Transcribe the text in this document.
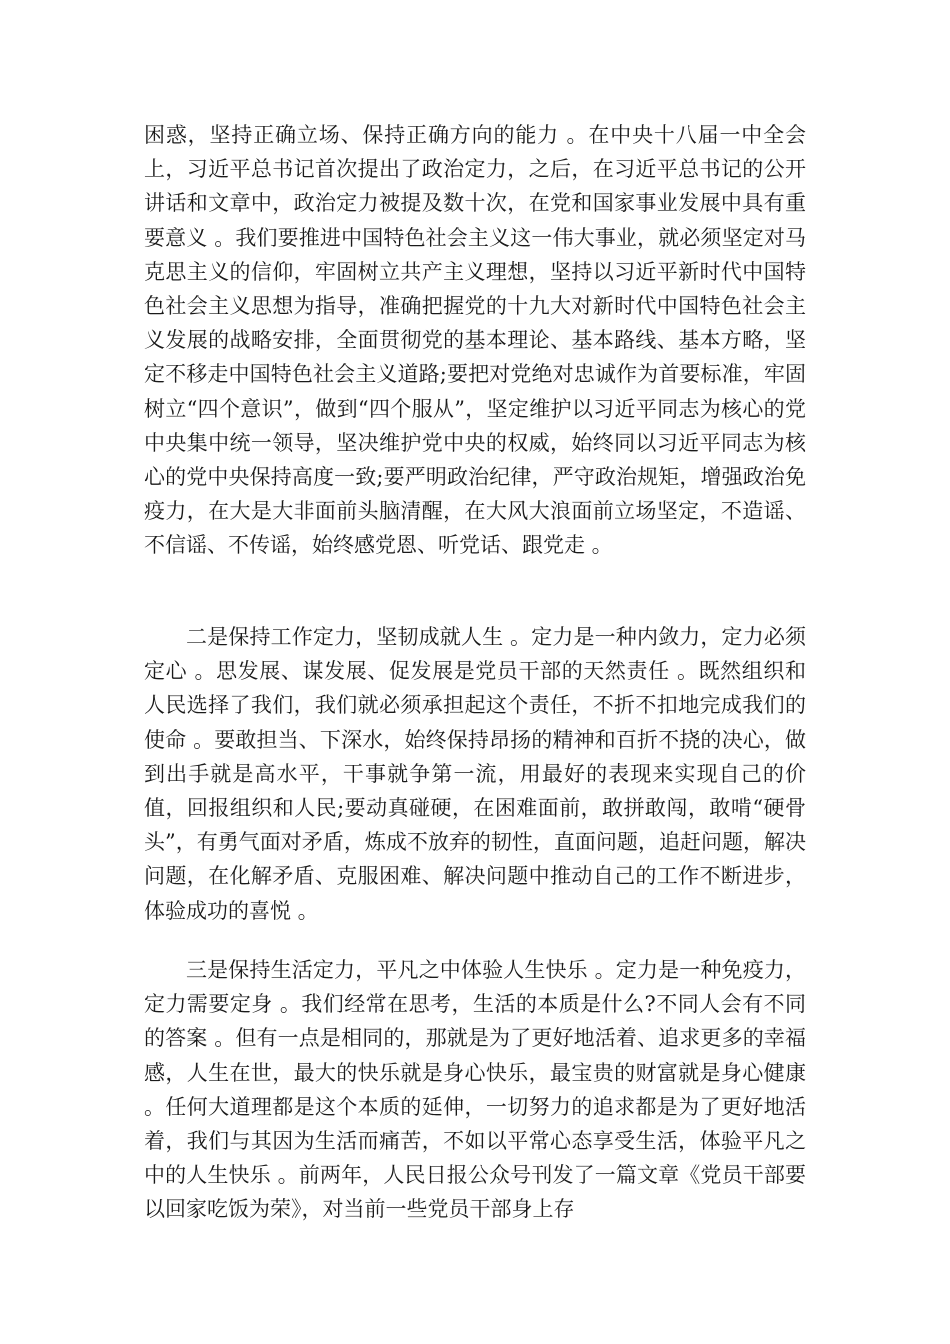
困惑，坚持正确立场、保持正确方向的能力 。在中央十八届一中全会上，习近平总书记首次提出了政治定力，之后，在习近平总书记的公开讲话和文章中，政治定力被提及数十次，在党和国家事业发展中具有重要意义 。我们要推进中国特色社会主义这一伟大事业，就必须坚定对马克思主义的信仰，牢固树立共产主义理想，坚持以习近平新时代中国特色社会主义思想为指导，准确把握党的十九大对新时代中国特色社会主义发展的战略安排，全面贯彻党的基本理论、基本路线、基本方略，坚定不移走中国特色社会主义道路;要把对党绝对忠诚作为首要标准，牢固树立“四个意识”，做到“四个服从”，坚定维护以习近平同志为核心的党中央集中统一领导，坚决维护党中央的权威，始终同以习近平同志为核心的党中央保持高度一致;要严明政治纪律，严守政治规矩，增强政治免疫力，在大是大非面前头脑清醒，在大风大浪面前立场坚定，不造谣、不信谣、不传谣，始终感党恩、听党话、跟党走 。

二是保持工作定力，坚韧成就人生 。定力是一种内敛力，定力必须定心 。思发展、谋发展、促发展是党员干部的天然责任 。既然组织和人民选择了我们，我们就必须承担起这个责任，不折不扣地完成我们的使命 。要敢担当、下深水，始终保持昂扬的精神和百折不挠的决心，做到出手就是高水平，干事就争第一流，用最好的表现来实现自己的价值，回报组织和人民;要动真碰硬，在困难面前，敢拼敢闯，敢啃“硬骨头”，有勇气面对矛盾，炼成不放弃的韧性，直面问题，追赶问题，解决问题，在化解矛盾、克服困难、解决问题中推动自己的工作不断进步，体验成功的喜悦 。

三是保持生活定力，平凡之中体验人生快乐 。定力是一种免疫力，定力需要定身 。我们经常在思考，生活的本质是什么?不同人会有不同的答案 。但有一点是相同的，那就是为了更好地活着、追求更多的幸福感，人生在世，最大的快乐就是身心快乐，最宝贵的财富就是身心健康 。任何大道理都是这个本质的延伸，一切努力的追求都是为了更好地活着，我们与其因为生活而痛苦，不如以平常心态享受生活，体验平凡之中的人生快乐 。前两年，人民日报公众号刊发了一篇文章《党员干部要以回家吃饭为荣》，对当前一些党员干部身上存
